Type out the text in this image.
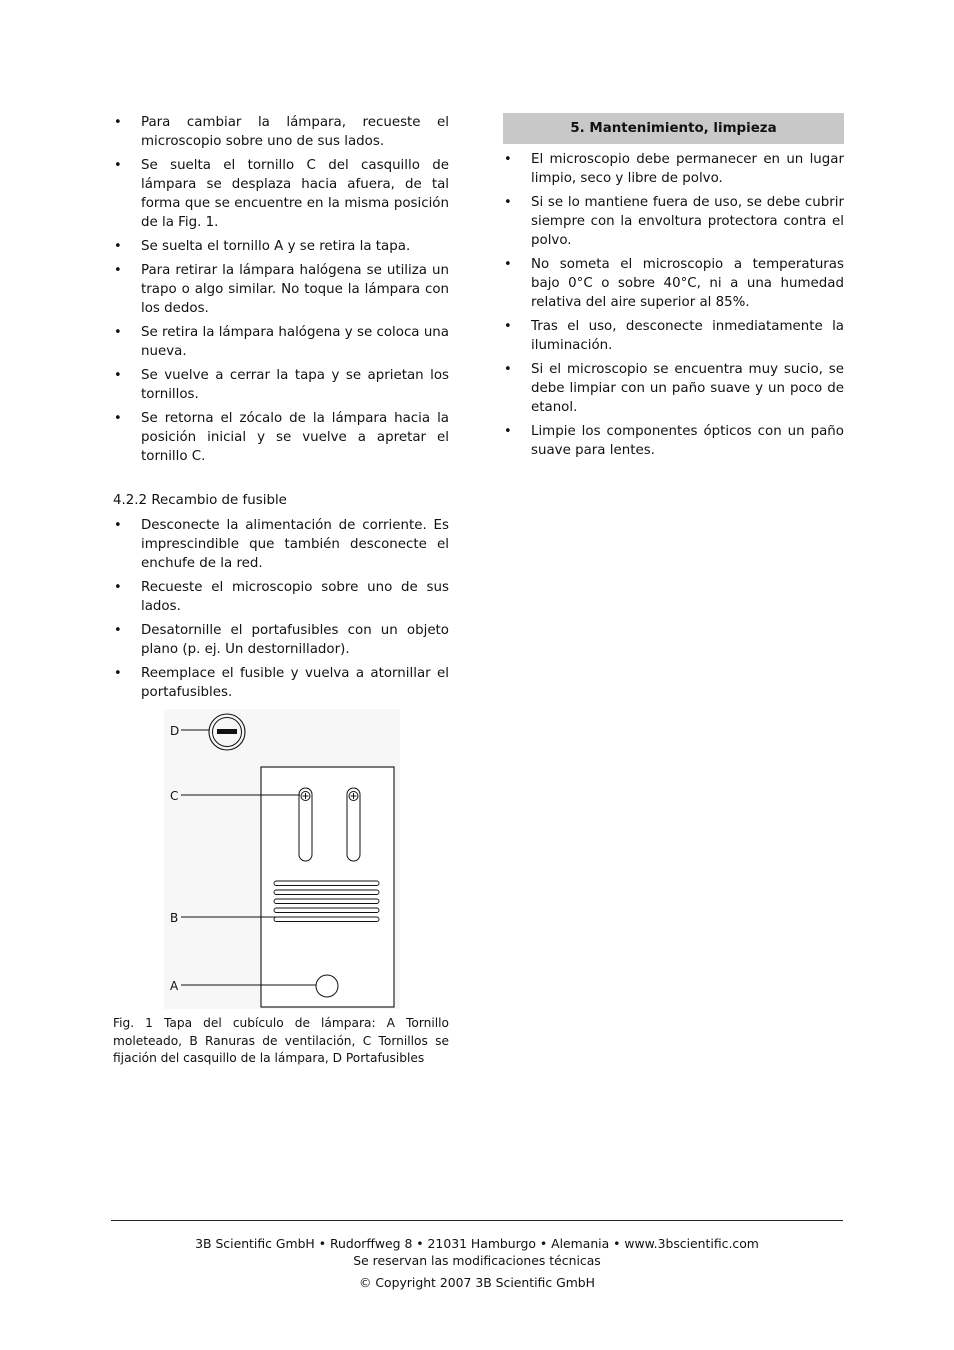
• Para cambiar la lámpara, recueste el microscopio sobre uno de sus lados.
• Se suelta el tornillo C del casquillo de lámpara se desplaza hacia afuera, de tal forma que se encuentre en la misma posición de la Fig. 1.
• Se suelta el tornillo A y se retira la tapa.
• Para retirar la lámpara halógena se utiliza un trapo o algo similar. No toque la lámpara con los dedos.
• Se retira la lámpara halógena y se coloca una nueva.
• Se vuelve a cerrar la tapa y se aprietan los tornillos.
• Se retorna el zócalo de la lámpara hacia la posición inicial y se vuelve a apretar el tornillo C.
4.2.2 Recambio de fusible
• Desconecte la alimentación de corriente. Es imprescindible que también desconecte el enchufe de la red.
• Recueste el microscopio sobre uno de sus lados.
• Desatornille el portafusibles con un objeto plano (p. ej. Un destornillador).
• Reemplace el fusible y vuelva a atornillar el portafusibles.
D
C
B
A
Fig. 1 Tapa del cubículo de lámpara: A Tornillo moleteado, B Ranuras de ventilación, C Tornillos se fijación del casquillo de la lámpara, D Portafusibles
5. Mantenimiento, limpieza
• El microscopio debe permanecer en un lugar limpio, seco y libre de polvo.
• Si se lo mantiene fuera de uso, se debe cubrir siempre con la envoltura protectora contra el polvo.
• No someta el microscopio a temperaturas bajo 0°C o sobre 40°C, ni a una humedad relativa del aire superior al 85%.
• Tras el uso, desconecte inmediatamente la iluminación.
• Si el microscopio se encuentra muy sucio, se debe limpiar con un paño suave y un poco de etanol.
• Limpie los componentes ópticos con un paño suave para lentes.
3B Scientific GmbH • Rudorffweg 8 • 21031 Hamburgo • Alemania • www.3bscientific.com
Se reservan las modificaciones técnicas
© Copyright 2007 3B Scientific GmbH
